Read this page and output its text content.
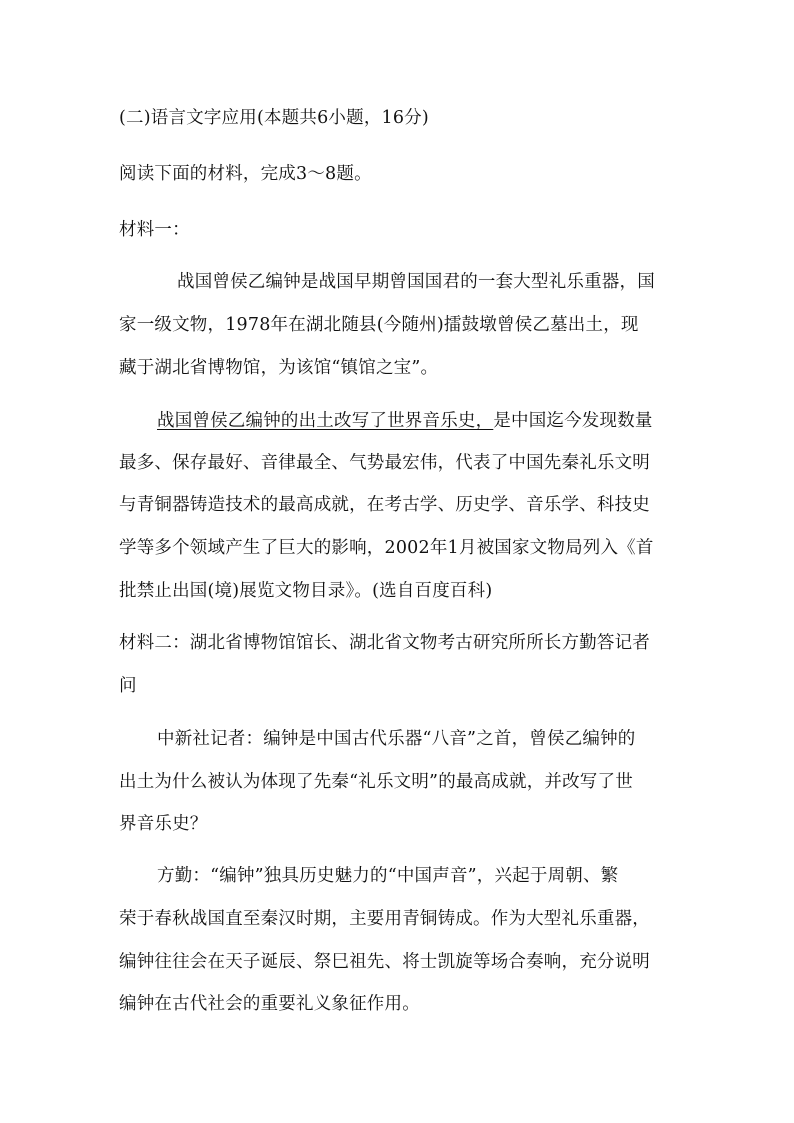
(二)语言文字应用(本题共6小题，16分)
阅读下面的材料，完成3～8题。
材料一：
战国曾侯乙编钟是战国早期曾国国君的一套大型礼乐重器，国
家一级文物，1978年在湖北随县(今随州)擂鼓墩曾侯乙墓出土，现
藏于湖北省博物馆，为该馆“镇馆之宝”。
战国曾侯乙编钟的出土改写了世界音乐史，是中国迄今发现数量
最多、保存最好、音律最全、气势最宏伟，代表了中国先秦礼乐文明
与青铜器铸造技术的最高成就，在考古学、历史学、音乐学、科技史
学等多个领域产生了巨大的影响，2002年1月被国家文物局列入《首
批禁止出国(境)展览文物目录》。(选自百度百科)
材料二：湖北省博物馆馆长、湖北省文物考古研究所所长方勤答记者
问
中新社记者：编钟是中国古代乐器“八音”之首，曾侯乙编钟的
出土为什么被认为体现了先秦“礼乐文明”的最高成就，并改写了世
界音乐史？
方勤：“编钟”独具历史魅力的“中国声音”，兴起于周朝、繁
荣于春秋战国直至秦汉时期，主要用青铜铸成。作为大型礼乐重器，
编钟往往会在天子诞辰、祭巳祖先、将士凯旋等场合奏响，充分说明
编钟在古代社会的重要礼义象征作用。
